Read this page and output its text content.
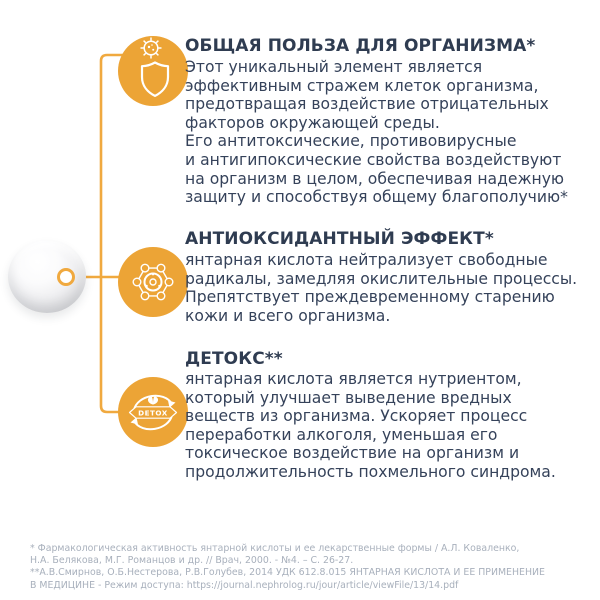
DETOX
ОБЩАЯ ПОЛЬЗА ДЛЯ ОРГАНИЗМА*
Этот уникальный элемент является
эффективным стражем клеток организма,
предотвращая воздействие отрицательных
факторов окружающей среды.
Его антитоксические, противовирусные
и антигипоксические свойства воздействуют
на организм в целом, обеспечивая надежную
защиту и способствуя общему благополучию*
АНТИОКСИДАНТНЫЙ ЭФФЕКТ*
янтарная кислота нейтрализует свободные
радикалы, замедляя окислительные процессы.
Препятствует преждевременному старению
кожи и всего организма.
ДЕТОКС**
янтарная кислота является нутриентом,
который улучшает выведение вредных
веществ из организма. Ускоряет процесс
переработки алкоголя, уменьшая его
токсическое воздействие на организм и
продолжительность похмельного синдрома.
* Фармакологическая активность янтарной кислоты и ее лекарственные формы / А.Л. Коваленко,
Н.А. Белякова, М.Г. Романцов и др. // Врач, 2000. - №4. – С. 26-27.
**А.В.Смирнов, О.Б.Нестерова, Р.В.Голубев, 2014 УДК 612.8.015 ЯНТАРНАЯ КИСЛОТА И ЕЕ ПРИМЕНЕНИЕ
В МЕДИЦИНЕ - Режим доступа: https://journal.nephrolog.ru/jour/article/viewFile/13/14.pdf
